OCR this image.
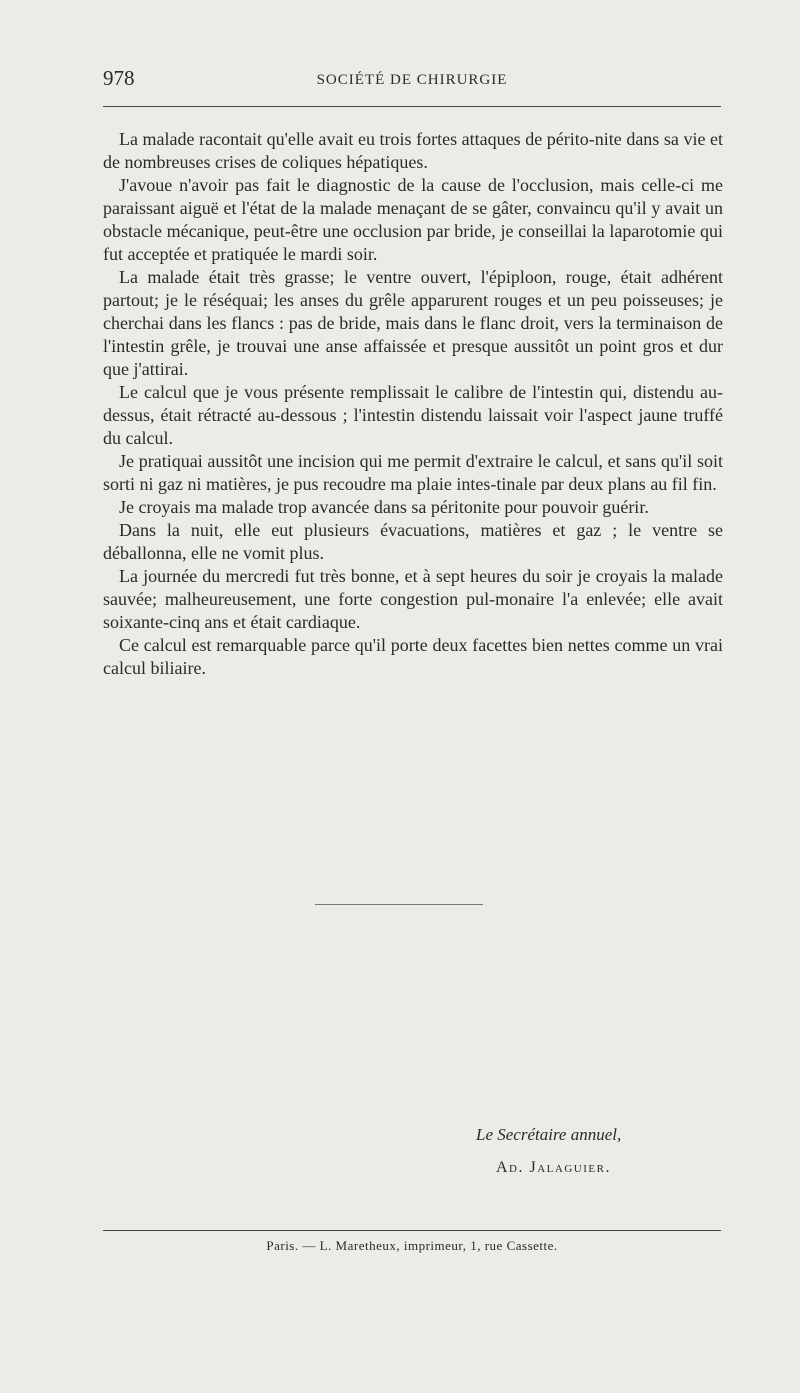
978	SOCIÉTÉ DE CHIRURGIE

La malade racontait qu'elle avait eu trois fortes attaques de périto-nite dans sa vie et de nombreuses crises de coliques hépatiques.

J'avoue n'avoir pas fait le diagnostic de la cause de l'occlusion, mais celle-ci me paraissant aiguë et l'état de la malade menaçant de se gâter, convaincu qu'il y avait un obstacle mécanique, peut-être une occlusion par bride, je conseillai la laparotomie qui fut acceptée et pratiquée le mardi soir.

La malade était très grasse; le ventre ouvert, l'épiploon, rouge, était adhérent partout; je le réséquai; les anses du grêle apparurent rouges et un peu poisseuses; je cherchai dans les flancs : pas de bride, mais dans le flanc droit, vers la terminaison de l'intestin grêle, je trouvai une anse affaissée et presque aussitôt un point gros et dur que j'attirai.

Le calcul que je vous présente remplissait le calibre de l'intestin qui, distendu au-dessus, était rétracté au-dessous ; l'intestin distendu laissait voir l'aspect jaune truffé du calcul.

Je pratiquai aussitôt une incision qui me permit d'extraire le calcul, et sans qu'il soit sorti ni gaz ni matières, je pus recoudre ma plaie intes-tinale par deux plans au fil fin.

Je croyais ma malade trop avancée dans sa péritonite pour pouvoir guérir.

Dans la nuit, elle eut plusieurs évacuations, matières et gaz ; le ventre se déballonna, elle ne vomit plus.

La journée du mercredi fut très bonne, et à sept heures du soir je croyais la malade sauvée; malheureusement, une forte congestion pul-monaire l'a enlevée; elle avait soixante-cinq ans et était cardiaque.

Ce calcul est remarquable parce qu'il porte deux facettes bien nettes comme un vrai calcul biliaire.

Le Secrétaire annuel,
Ad. Jalaguier.
Paris. — L. Maretheux, imprimeur, 1, rue Cassette.
